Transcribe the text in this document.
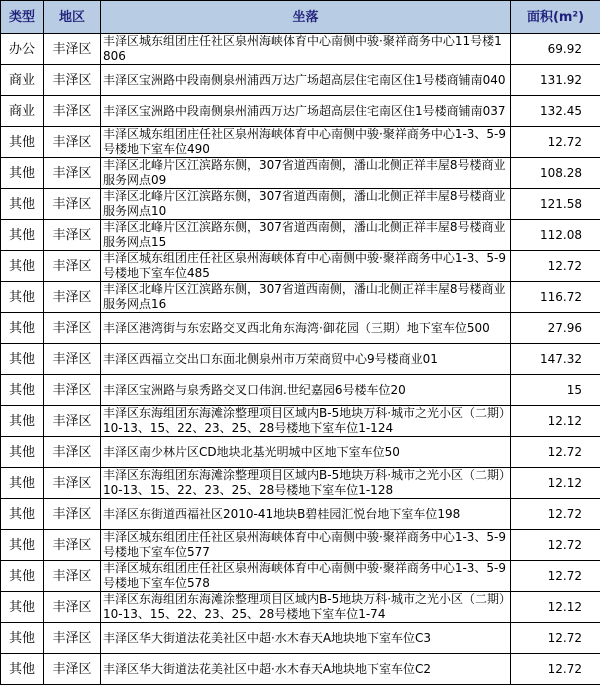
类型	地区	坐落	面积(m²)
办公	丰泽区	丰泽区城东组团庄任社区泉州海峡体育中心南侧中骏·聚祥商务中心11号楼1806	69.92
商业	丰泽区	丰泽区宝洲路中段南侧泉州浦西万达广场超高层住宅南区住1号楼商铺南040	131.92
商业	丰泽区	丰泽区宝洲路中段南侧泉州浦西万达广场超高层住宅南区住1号楼商铺南037	132.45
其他	丰泽区	丰泽区城东组团庄任社区泉州海峡体育中心南侧中骏·聚祥商务中心1-3、5-9号楼地下室车位490	12.72
其他	丰泽区	丰泽区北峰片区江滨路东侧，307省道西南侧，潘山北侧正祥丰屋8号楼商业服务网点09	108.28
其他	丰泽区	丰泽区北峰片区江滨路东侧，307省道西南侧，潘山北侧正祥丰屋8号楼商业服务网点10	121.58
其他	丰泽区	丰泽区北峰片区江滨路东侧，307省道西南侧，潘山北侧正祥丰屋8号楼商业服务网点15	112.08
其他	丰泽区	丰泽区城东组团庄任社区泉州海峡体育中心南侧中骏·聚祥商务中心1-3、5-9号楼地下室车位485	12.72
其他	丰泽区	丰泽区北峰片区江滨路东侧，307省道西南侧，潘山北侧正祥丰屋8号楼商业服务网点16	116.72
其他	丰泽区	丰泽区港湾街与东宏路交叉西北角东海湾·御花园（三期）地下室车位500	27.96
其他	丰泽区	丰泽区西福立交出口东面北侧泉州市万荣商贸中心9号楼商业01	147.32
其他	丰泽区	丰泽区宝洲路与泉秀路交叉口伟润.世纪嘉园6号楼车位20	15
其他	丰泽区	丰泽区东海组团东海滩涂整理项目区域内B-5地块万科·城市之光小区（二期）10-13、15、22、23、25、28号楼地下室车位1-124	12.12
其他	丰泽区	丰泽区南少林片区CD地块北基光明城中区地下室车位50	12.72
其他	丰泽区	丰泽区东海组团东海滩涂整理项目区域内B-5地块万科·城市之光小区（二期）10-13、15、22、23、25、28号楼地下室车位1-128	12.12
其他	丰泽区	丰泽区东街道西福社区2010-41地块B碧桂园汇悦台地下室车位198	12.72
其他	丰泽区	丰泽区城东组团庄任社区泉州海峡体育中心南侧中骏·聚祥商务中心1-3、5-9号楼地下室车位577	12.72
其他	丰泽区	丰泽区城东组团庄任社区泉州海峡体育中心南侧中骏·聚祥商务中心1-3、5-9号楼地下室车位578	12.72
其他	丰泽区	丰泽区东海组团东海滩涂整理项目区域内B-5地块万科·城市之光小区（二期）10-13、15、22、23、25、28号楼地下室车位1-74	12.12
其他	丰泽区	丰泽区华大街道法花美社区中超·水木春天A地块地下室车位C3	12.72
其他	丰泽区	丰泽区华大街道法花美社区中超·水木春天A地块地下室车位C2	12.72
